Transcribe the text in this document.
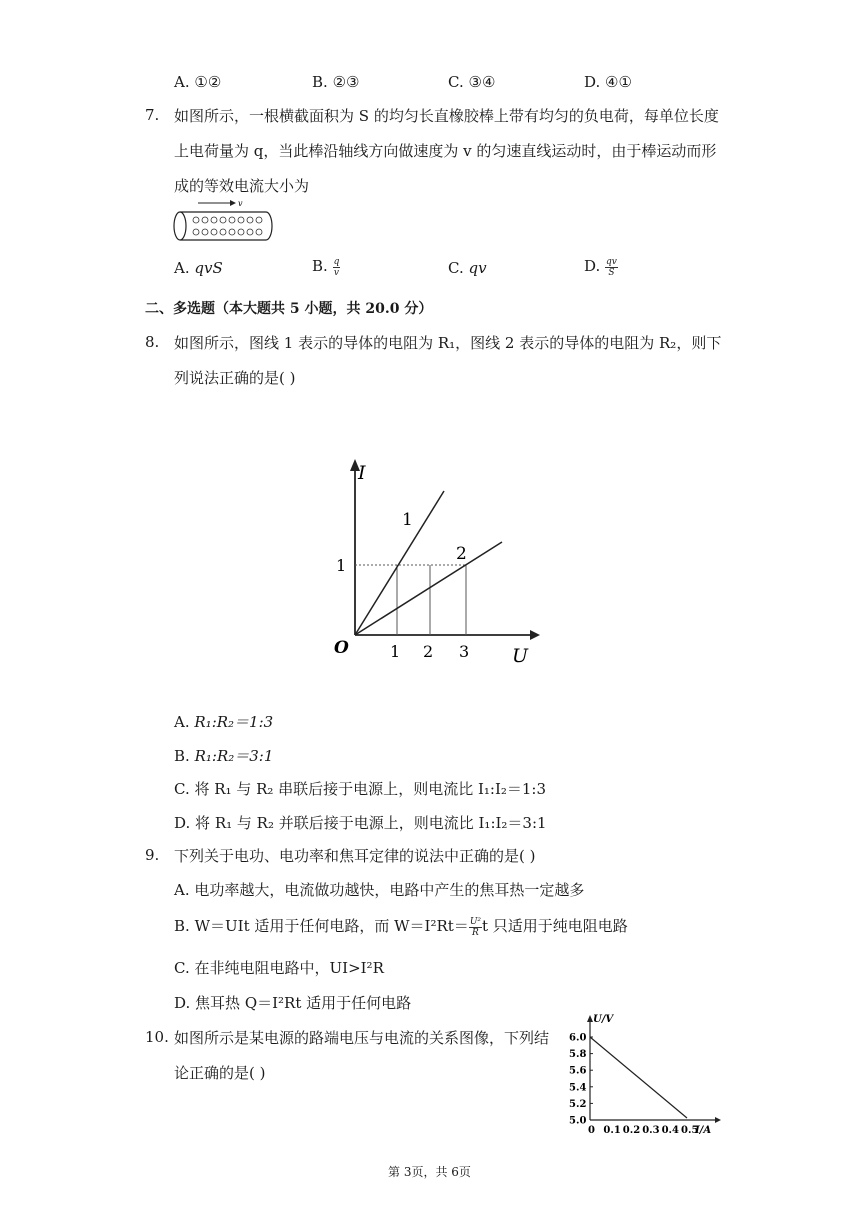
A. ①②	B. ②③	C. ③④	D. ④①
7. 如图所示，一根横截面积为 S 的均匀长直橡胶棒上带有均匀的负电荷，每单位长度
上电荷量为 q，当此棒沿轴线方向做速度为 v 的匀速直线运动时，由于棒运动而形
成的等效电流大小为
v
A. qvS	B. $\frac{q}{v}$	C. qv	D. $\frac{qv}{S}$
二、多选题（本大题共 5 小题，共 20.0 分）
8. 如图所示，图线 1 表示的导体的电阻为 R₁，图线 2 表示的导体的电阻为 R₂，则下
列说法正确的是( )
I
U
O	1 2 3
1
1
2
A. R₁:R₂＝1:3
B. R₁:R₂＝3:1
C. 将 R₁ 与 R₂ 串联后接于电源上，则电流比 I₁:I₂＝1:3
D. 将 R₁ 与 R₂ 并联后接于电源上，则电流比 I₁:I₂＝3:1
9. 下列关于电功、电功率和焦耳定律的说法中正确的是( )
A. 电功率越大，电流做功越快，电路中产生的焦耳热一定越多
B. W＝UIt 适用于任何电路，而 $W=I^2Rt= \frac{\text{U²}}{R}$ t 只适用于纯电阻电路
C. 在非纯电阻电路中，UI>I²R
D. 焦耳热 Q＝I²Rt 适用于任何电路
10. 如图所示是某电源的路端电压与电流的关系图像，下列结
论正确的是( )
6.0
5.8
5.6
5.4
5.2
5.0
0 0.1 0.2 0.3 0.4 0.5
U/V
I/A
第 3页，共 6页
